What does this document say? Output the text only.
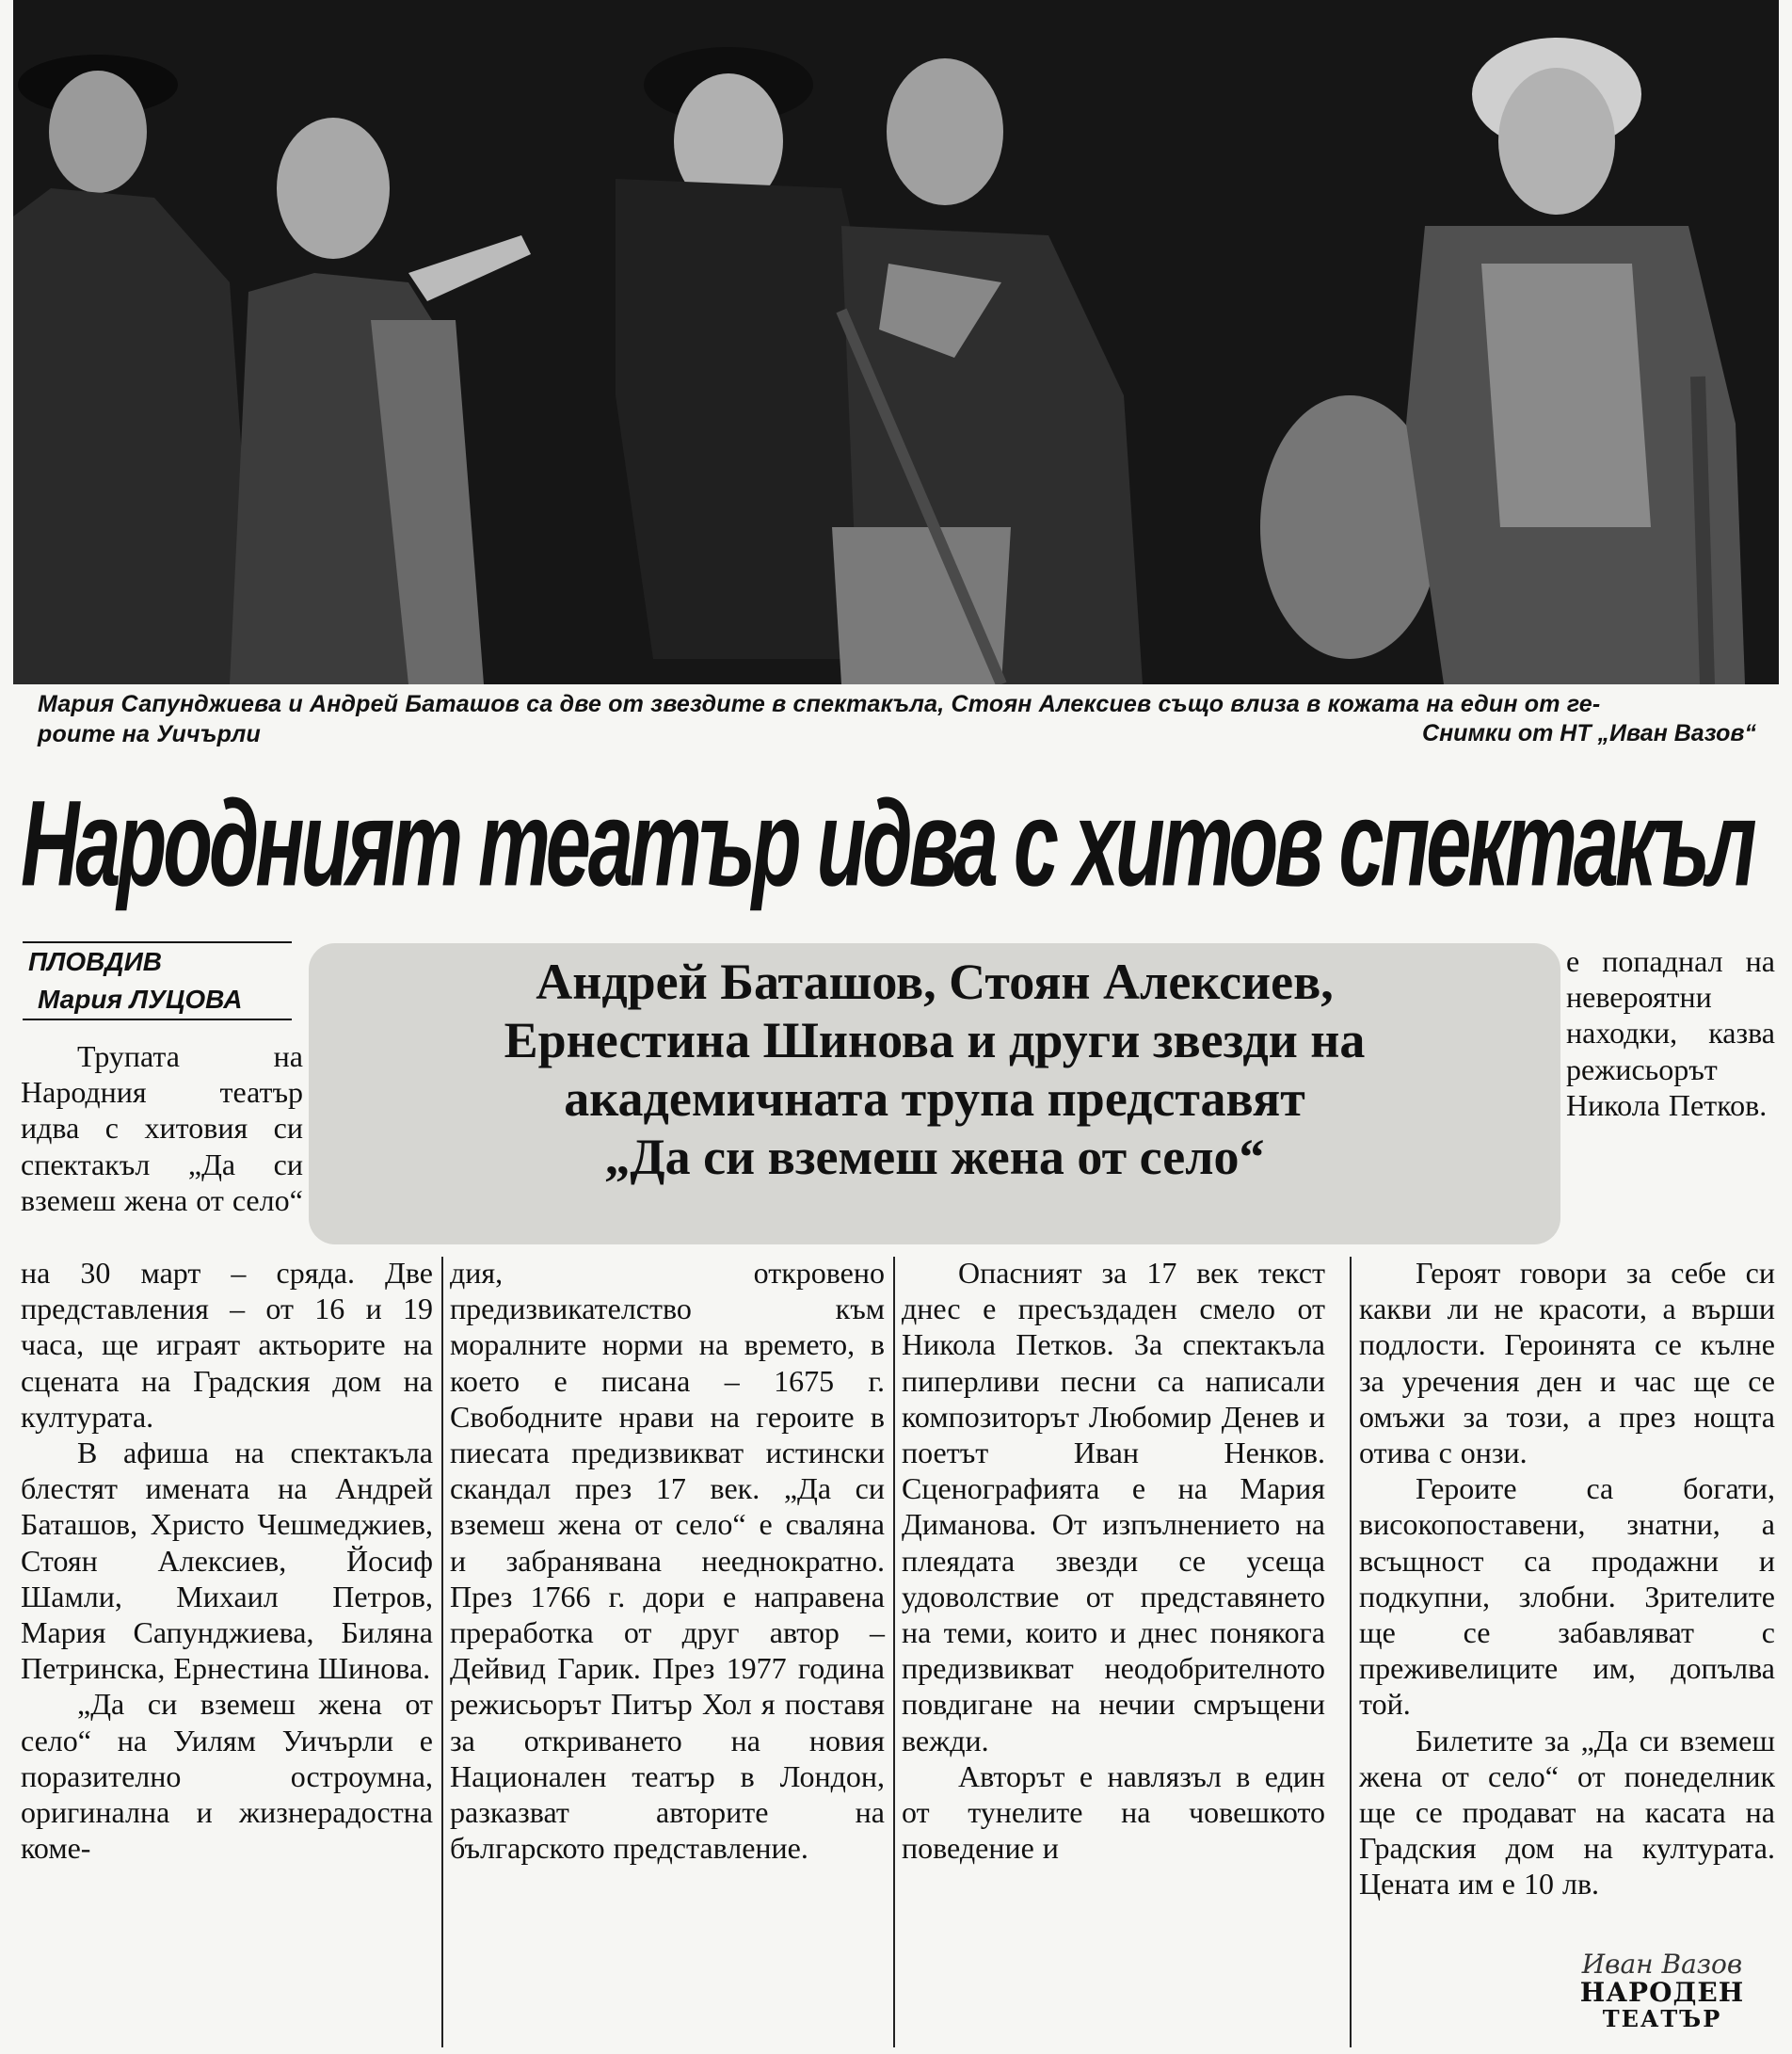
Мария Сапунджиева и Андрей Баташов са две от звездите в спектакъла, Стоян Алексиев също влиза в кожата на един от ге-
роите на Уичърли	Снимки от НТ „Иван Вазов“
Народният театър идва с хитов спектакъл
ПЛОВДИВ
Мария ЛУЦОВА	Андрей Баташов, Стоян Алексиев,
Ернестина Шинова и други звезди на
академичната трупа представят
„Да си вземеш жена от село“

Трупата на Народния театър идва с хитовия си спектакъл „Да си вземеш жена от село“

на 30 март – сряда. Две представления – от 16 и 19 часа, ще играят актьорите на сцената на Градския дом на културата.

В афиша на спектакъла блестят имената на Андрей Баташов, Христо Чешмеджиев, Стоян Алексиев, Йосиф Шамли, Михаил Петров, Мария Сапунджиева, Биляна Петринска, Ернестина Шинова.

„Да си вземеш жена от село“ на Уилям Уичърли е поразително остроумна, оригинална и жизнерадостна коме-

дия, откровено предизвикателство към моралните норми на времето, в което е писана – 1675 г. Свободните нрави на героите в пиесата предизвикват истински скандал през 17 век. „Да си вземеш жена от село“ е сваляна и забранявана нееднократно. През 1766 г. дори е направена преработка от друг автор – Дейвид Гарик. През 1977 година режисьорът Питър Хол я поставя за откриването на новия Национален театър в Лондон, разказват авторите на българското представление.

Опасният за 17 век текст днес е пресъздаден смело от Никола Петков. За спектакъла пиперливи песни са написали композиторът Любомир Денев и поетът Иван Ненков. Сценографията е на Мария Диманова. От изпълнението на плеядата звезди се усеща удоволствие от представянето на теми, които и днес понякога предизвикват неодобрителното повдигане на нечии смръщени вежди.

Авторът е навлязъл в един от тунелите на човешкото поведение и

е попаднал на невероятни находки, казва режисьорът Никола Петков.

Героят говори за себе си какви ли не красоти, а върши подлости. Героинята се кълне за уречения ден и час ще се омъжи за този, а през нощта отива с онзи.

Героите са богати, високопоставени, знатни, а всъщност са продажни и подкупни, злобни. Зрителите ще се забавляват с преживелиците им, допълва той.

Билетите за „Да си вземеш жена от село“ от понеделник ще се продават на касата на Градския дом на културата. Цената им е 10 лв.

Иван Вазов
НАРОДЕН
ТЕАТЪР
